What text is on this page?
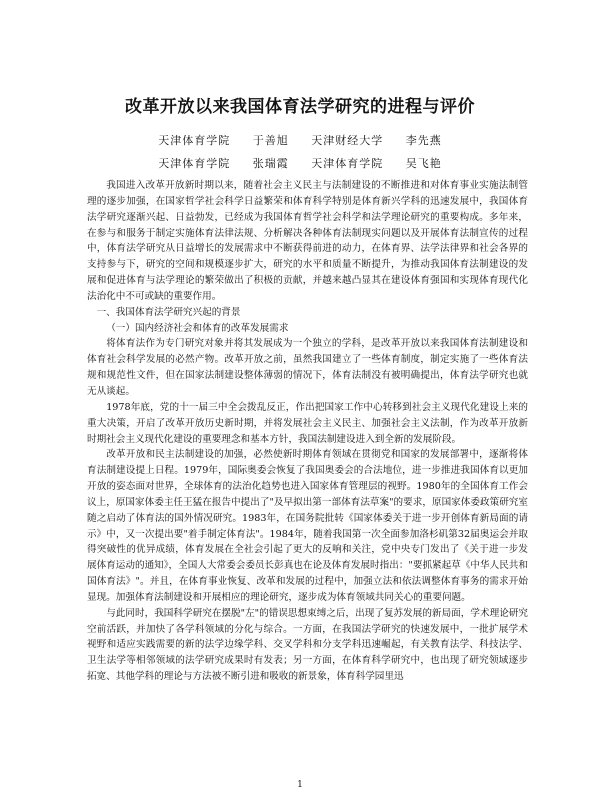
改革开放以来我国体育法学研究的进程与评价
天津体育学院 于善旭 天津财经大学 李先燕
天津体育学院 张瑞霞 天津体育学院 吴飞艳

我国进入改革开放新时期以来，随着社会主义民主与法制建设的不断推进和对体育事业实施法制管理的逐步加强，在国家哲学社会科学日益繁荣和体育科学特别是体育新兴学科的迅速发展中，我国体育法学研究逐渐兴起、日益勃发，已经成为我国体育哲学社会科学和法学理论研究的重要构成。多年来，在参与和服务于制定实施体育法律法规、分析解决各种体育法制现实问题以及开展体育法制宣传的过程中，体育法学研究从日益增长的发展需求中不断获得前进的动力，在体育界、法学法律界和社会各界的支持参与下，研究的空间和规模逐步扩大，研究的水平和质量不断提升，为推动我国体育法制建设的发展和促进体育与法学理论的繁荣做出了积极的贡献，并越来越凸显其在建设体育强国和实现体育现代化法治化中不可或缺的重要作用。

一、我国体育法学研究兴起的背景

（一）国内经济社会和体育的改革发展需求

将体育法作为专门研究对象并将其发展成为一个独立的学科，是改革开放以来我国体育法制建设和体育社会科学发展的必然产物。改革开放之前，虽然我国建立了一些体育制度，制定实施了一些体育法规和规范性文件，但在国家法制建设整体薄弱的情况下，体育法制没有被明确提出，体育法学研究也就无从谈起。

1978年底，党的十一届三中全会拨乱反正，作出把国家工作中心转移到社会主义现代化建设上来的重大决策，开启了改革开放历史新时期，并将发展社会主义民主、加强社会主义法制，作为改革开放新时期社会主义现代化建设的重要理念和基本方针，我国法制建设进入到全新的发展阶段。

改革开放和民主法制建设的加强，必然使新时期体育领域在贯彻党和国家的发展部署中，逐渐将体育法制建设提上日程。1979年，国际奥委会恢复了我国奥委会的合法地位，进一步推进我国体育以更加开放的姿态面对世界，全球体育的法治化趋势也进入国家体育管理层的视野。1980年的全国体育工作会议上，原国家体委主任王猛在报告中提出了"及早拟出第一部体育法草案"的要求，原国家体委政策研究室随之启动了体育法的国外情况研究。1983年，在国务院批转《国家体委关于进一步开创体育新局面的请示》中，又一次提出要"着手制定体育法"。1984年，随着我国第一次全面参加洛杉矶第32届奥运会并取得突破性的优异成绩，体育发展在全社会引起了更大的反响和关注，党中央专门发出了《关于进一步发展体育运动的通知》，全国人大常委会委员长彭真也在论及体育发展时指出："要抓紧起草《中华人民共和国体育法》"。并且，在体育事业恢复、改革和发展的过程中，加强立法和依法调整体育事务的需求开始显现。加强体育法制建设和开展相应的理论研究，逐步成为体育领域共同关心的重要问题。

与此同时，我国科学研究在摆脱"左"的错误思想束缚之后，出现了复苏发展的新局面，学术理论研究空前活跃，并加快了各学科领域的分化与综合。一方面，在我国法学研究的快速发展中，一批扩展学术视野和适应实践需要的新的法学边缘学科、交叉学科和分支学科迅速崛起，有关教育法学、科技法学、卫生法学等相邻领域的法学研究成果时有发表；另一方面，在体育科学研究中，也出现了研究领域逐步拓宽、其他学科的理论与方法被不断引进和吸收的新景象，体育科学园里迅

1
